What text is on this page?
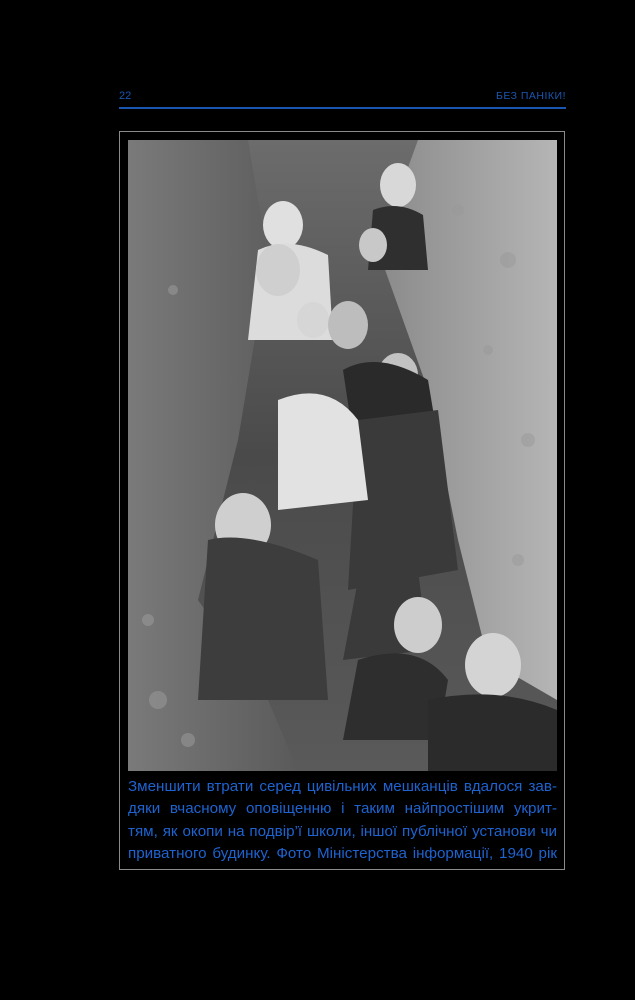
22	БЕЗ ПАНІКИ!
Зменшити втрати серед цивільних мешканців вдалося зав-
дяки вчасному оповіщенню і таким найпростішим укрит-
тям, як окопи на подвір’ї школи, іншої публічної установи чи
приватного будинку. Фото Міністерства інформації, 1940 рік
